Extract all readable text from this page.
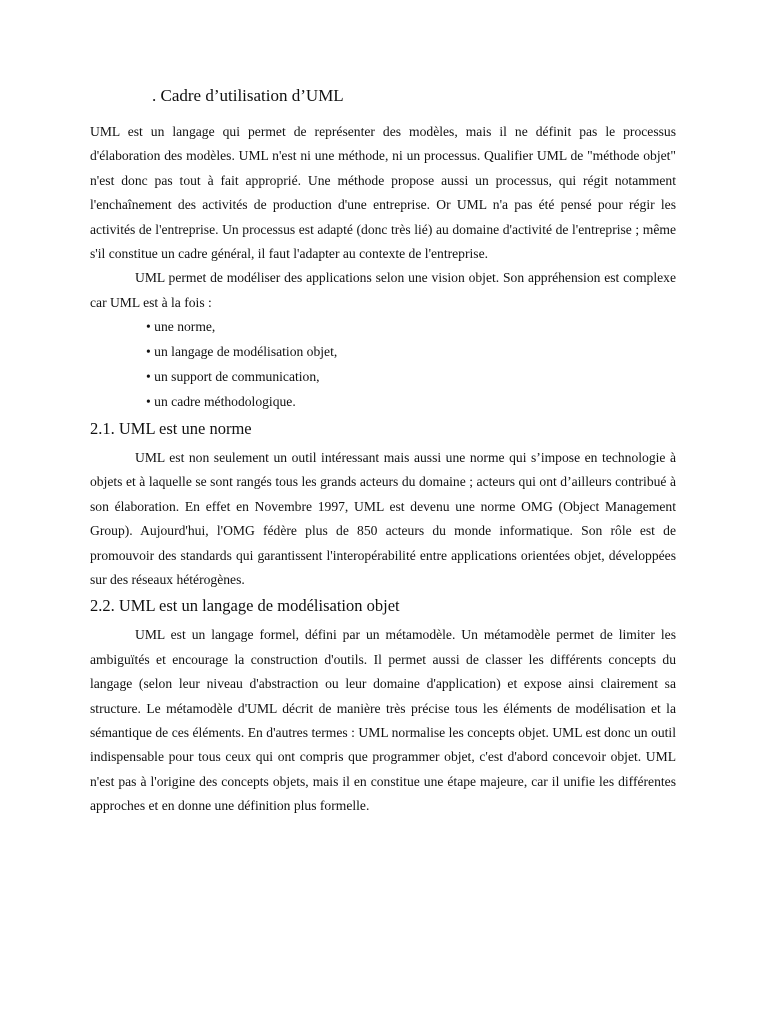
. Cadre d’utilisation d’UML

UML est un langage qui permet de représenter des modèles, mais il ne définit pas le processus d'élaboration des modèles. UML n'est ni une méthode, ni un processus. Qualifier UML de "méthode objet" n'est donc pas tout à fait approprié. Une méthode propose aussi un processus, qui régit notamment l'enchaînement des activités de production d'une entreprise. Or UML n'a pas été pensé pour régir les activités de l'entreprise. Un processus est adapté (donc très lié) au domaine d'activité de l'entreprise ; même s'il constitue un cadre général, il faut l'adapter au contexte de l'entreprise.

UML permet de modéliser des applications selon une vision objet. Son appréhension est complexe car UML est à la fois :

• une norme,
• un langage de modélisation objet,
• un support de communication,
• un cadre méthodologique.
2.1. UML est une norme

UML est non seulement un outil intéressant mais aussi une norme qui s’impose en technologie à objets et à laquelle se sont rangés tous les grands acteurs du domaine ; acteurs qui ont d’ailleurs contribué à son élaboration. En effet en Novembre 1997, UML est devenu une norme OMG (Object Management Group). Aujourd'hui, l'OMG fédère plus de 850 acteurs du monde informatique. Son rôle est de promouvoir des standards qui garantissent l'interopérabilité entre applications orientées objet, développées sur des réseaux hétérogènes.

2.2. UML est un langage de modélisation objet

UML est un langage formel, défini par un métamodèle. Un métamodèle permet de limiter les ambiguïtés et encourage la construction d'outils. Il permet aussi de classer les différents concepts du langage (selon leur niveau d'abstraction ou leur domaine d'application) et expose ainsi clairement sa structure. Le métamodèle d'UML décrit de manière très précise tous les éléments de modélisation et la sémantique de ces éléments. En d'autres termes : UML normalise les concepts objet. UML est donc un outil indispensable pour tous ceux qui ont compris que programmer objet, c'est d'abord concevoir objet. UML n'est pas à l'origine des concepts objets, mais il en constitue une étape majeure, car il unifie les différentes approches et en donne une définition plus formelle.
